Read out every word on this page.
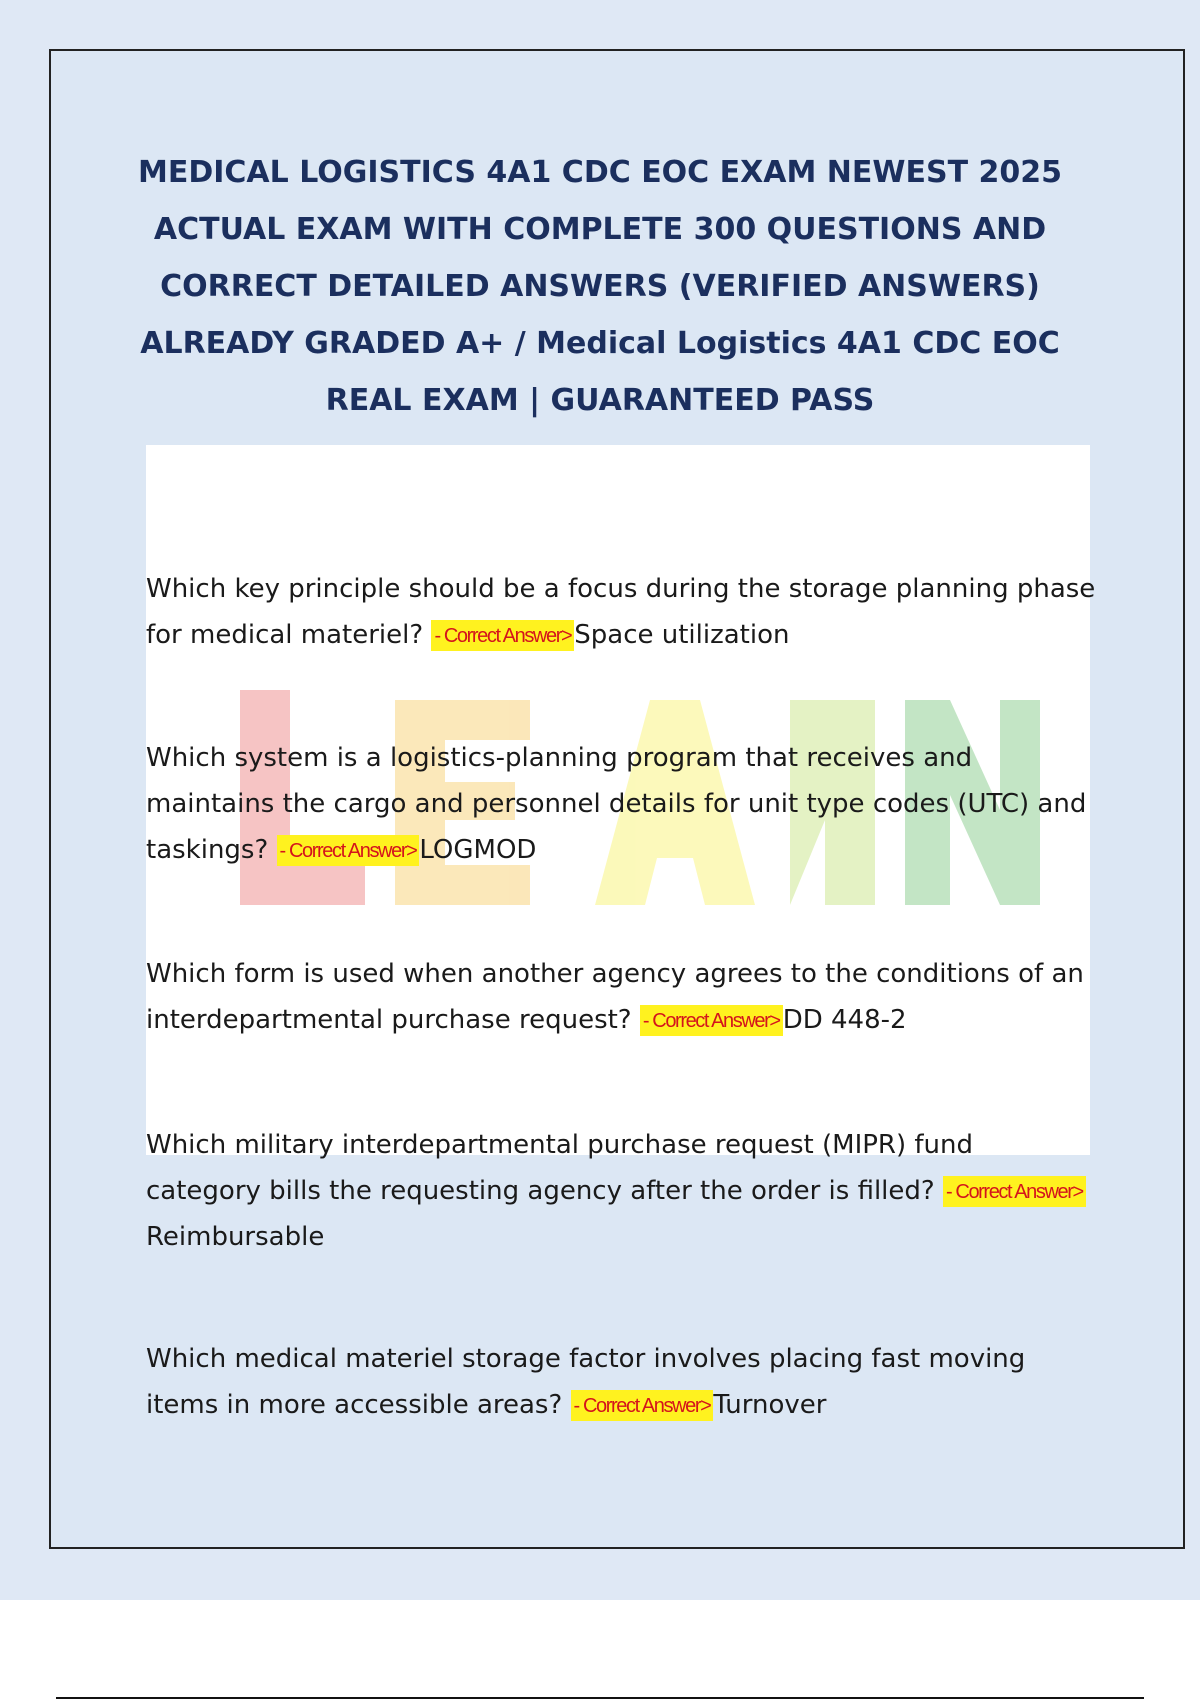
MEDICAL LOGISTICS 4A1 CDC EOC EXAM NEWEST 2025 ACTUAL EXAM WITH COMPLETE 300 QUESTIONS AND CORRECT DETAILED ANSWERS (VERIFIED ANSWERS) ALREADY GRADED A+ / Medical Logistics 4A1 CDC EOC REAL EXAM | GUARANTEED PASS

Which key principle should be a focus during the storage planning phase for medical materiel? - Correct Answer> Space utilization

Which system is a logistics-planning program that receives and maintains the cargo and personnel details for unit type codes (UTC) and taskings? - Correct Answer> LOGMOD

Which form is used when another agency agrees to the conditions of an interdepartmental purchase request? - Correct Answer> DD 448-2

Which military interdepartmental purchase request (MIPR) fund category bills the requesting agency after the order is filled? - Correct Answer>Reimbursable

Which medical materiel storage factor involves placing fast moving items in more accessible areas? - Correct Answer> Turnover
